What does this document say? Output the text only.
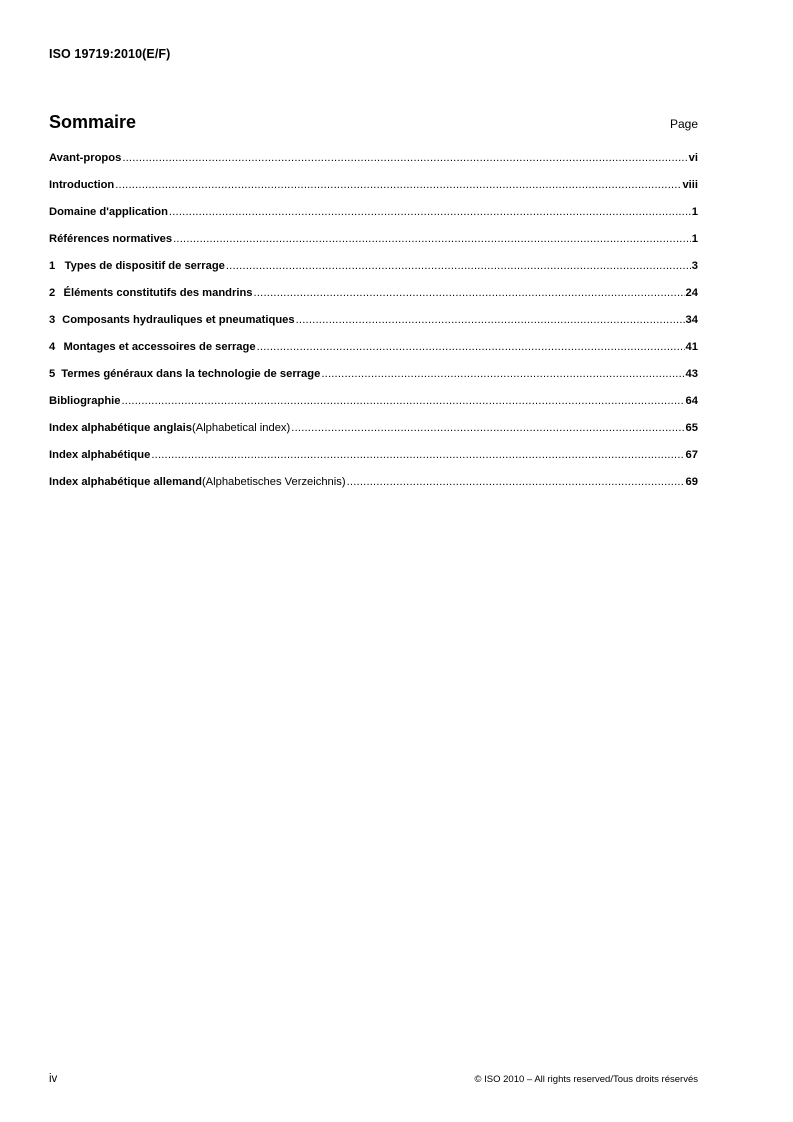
ISO 19719:2010(E/F)
Sommaire	Page
Avant-propos .....	vi
Introduction .....	viii
Domaine d'application .....	1
Références normatives .....	1
1 Types de dispositif de serrage .....	3
2 Éléments constitutifs des mandrins .....	24
3 Composants hydrauliques et pneumatiques .....	34
4 Montages et accessoires de serrage .....	41
5 Termes généraux dans la technologie de serrage .....	43
Bibliographie .....	64
Index alphabétique anglais (Alphabetical index) .....	65
Index alphabétique .....	67
Index alphabétique allemand (Alphabetisches Verzeichnis) .....	69
iv	© ISO 2010 – All rights reserved/Tous droits réservés
